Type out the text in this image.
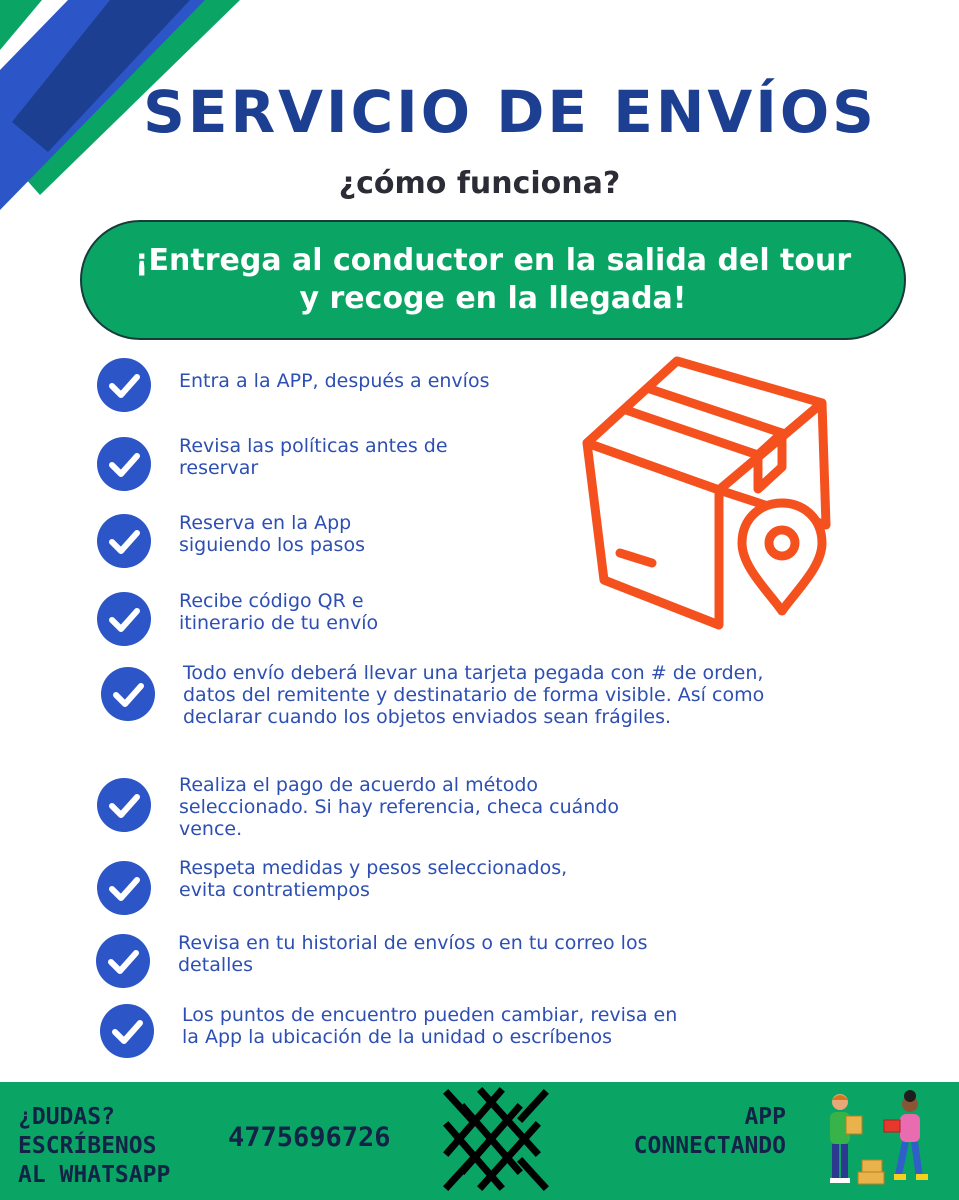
SERVICIO DE ENVÍOS

¿cómo funciona?

¡Entrega al conductor en la salida del tour
y recoge en la llegada!
Entra a la APP, después a envíos
Revisa las políticas antes de
reservar
Reserva en la App
siguiendo los pasos
Recibe código QR e
itinerario de tu envío
Todo envío deberá llevar una tarjeta pegada con # de orden,
datos del remitente y destinatario de forma visible. Así como
declarar cuando los objetos enviados sean frágiles.
Realiza el pago de acuerdo al método
seleccionado. Si hay referencia, checa cuándo
vence.
Respeta medidas y pesos seleccionados,
evita contratiempos
Revisa en tu historial de envíos o en tu correo los
detalles
Los puntos de encuentro pueden cambiar, revisa en
la App la ubicación de la unidad o escríbenos
¿DUDAS?
ESCRÍBENOS
AL WHATSAPP
4775696726
APP
CONNECTANDO
